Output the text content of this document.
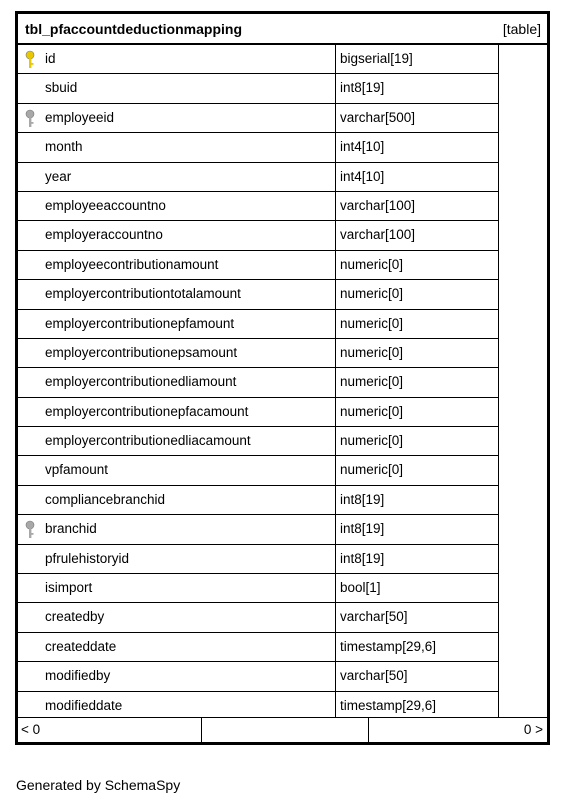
tbl_pfaccountdeductionmapping	[table]
id	bigserial[19]
sbuid	int8[19]
employeeid	varchar[500]
month	int4[10]
year	int4[10]
employeeaccountno	varchar[100]
employeraccountno	varchar[100]
employeecontributionamount	numeric[0]
employercontributiontotalamount	numeric[0]
employercontributionepfamount	numeric[0]
employercontributionepsamount	numeric[0]
employercontributionedliamount	numeric[0]
employercontributionepfacamount	numeric[0]
employercontributionedliacamount	numeric[0]
vpfamount	numeric[0]
compliancebranchid	int8[19]
branchid	int8[19]
pfrulehistoryid	int8[19]
isimport	bool[1]
createdby	varchar[50]
createddate	timestamp[29,6]
modifiedby	varchar[50]
modifieddate	timestamp[29,6]
< 0	0 >
Generated by SchemaSpy
